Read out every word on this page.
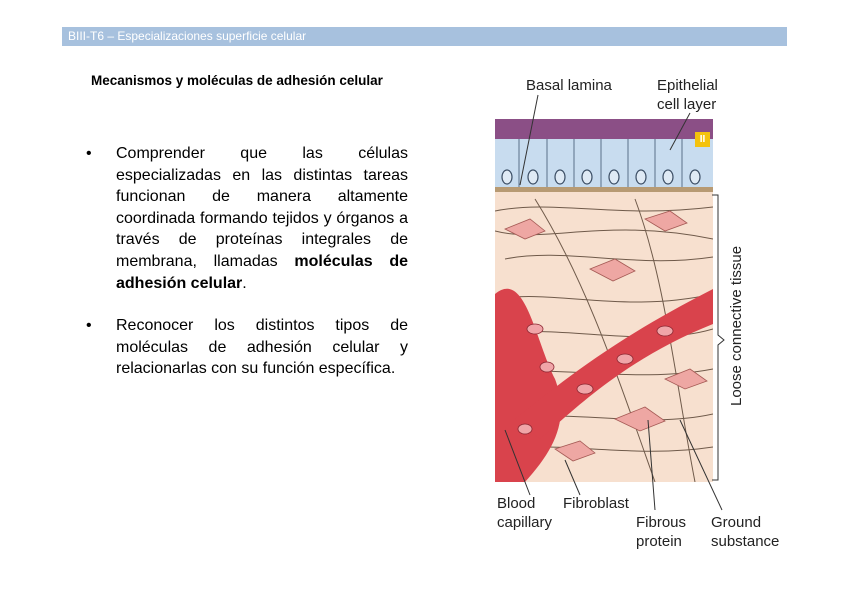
BIII-T6 – Especializaciones superficie celular
Mecanismos y moléculas de adhesión celular
• Comprender que las células especializadas en las distintas tareas funcionan de manera altamente coordinada formando tejidos y órganos a través de proteínas integrales de membrana, llamadas moléculas de adhesión celular.
• Reconocer los distintos tipos de moléculas de adhesión celular y relacionarlas con su función específica.
II
Basal lamina	Epithelial
cell layer
Loose connective tissue
Blood
capillary
Fibroblast
Fibrous
protein
Ground
substance
